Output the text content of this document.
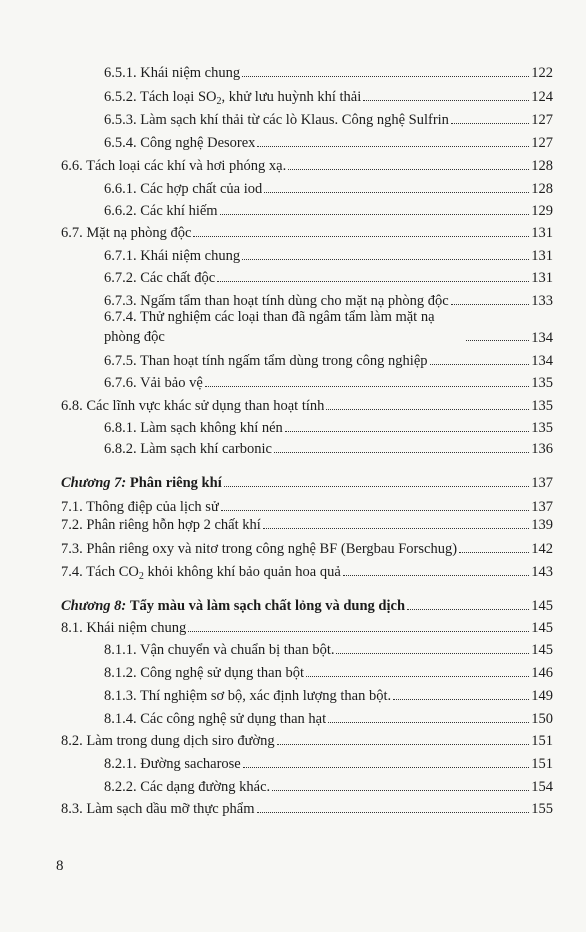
6.5.1. Khái niệm chung	122
6.5.2. Tách loại $SO_2$, khử lưu huỳnh khí thải	124
6.5.3. Làm sạch khí thải từ các lò Klaus. Công nghệ Sulfrin	127
6.5.4. Công nghệ Desorex	127
6.6. Tách loại các khí và hơi phóng xạ.	128
6.6.1. Các hợp chất của iod	128
6.6.2. Các khí hiếm	129
6.7. Mặt nạ phòng độc	131
6.7.1. Khái niệm chung	131
6.7.2. Các chất độc	131
6.7.3. Ngấm tẩm than hoạt tính dùng cho mặt nạ phòng độc	133
6.7.4. Thử nghiệm các loại than đã ngâm tẩm làm mặt nạ phòng độc	134
6.7.5. Than hoạt tính ngấm tẩm dùng trong công nghiệp	134
6.7.6. Vải bảo vệ	135
6.8. Các lĩnh vực khác sử dụng than hoạt tính	135
6.8.1. Làm sạch không khí nén	135
6.8.2. Làm sạch khí carbonic	136
Chương 7: Phân riêng khí	137
7.1. Thông điệp của lịch sử	137
7.2. Phân riêng hỗn hợp 2 chất khí	139
7.3. Phân riêng oxy và nitơ trong công nghệ BF (Bergbau Forschug)	142
7.4. Tách $CO_2$ khỏi không khí bảo quản hoa quả	143
Chương 8: Tẩy màu và làm sạch chất lỏng và dung dịch	145
8.1. Khái niệm chung	145
8.1.1. Vận chuyển và chuẩn bị than bột.	145
8.1.2. Công nghệ sử dụng than bột	146
8.1.3. Thí nghiệm sơ bộ, xác định lượng than bột.	149
8.1.4. Các công nghệ sử dụng than hạt	150
8.2. Làm trong dung dịch siro đường	151
8.2.1. Đường sacharose	151
8.2.2. Các dạng đường khác.	154
8.3. Làm sạch dầu mỡ thực phẩm	155
8
